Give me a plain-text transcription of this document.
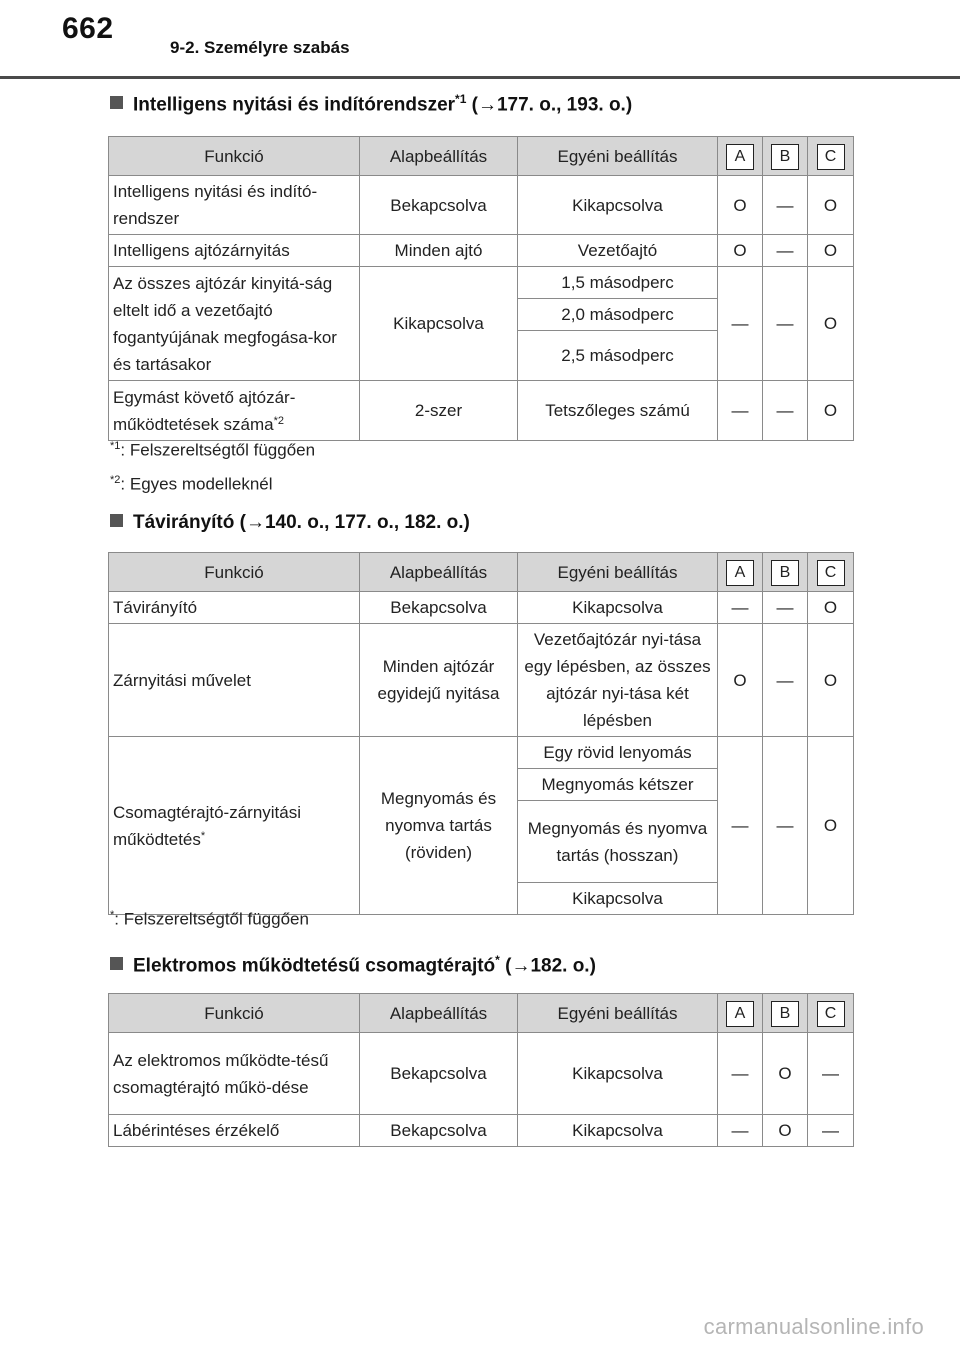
662
9-2. Személyre szabás
Intelligens nyitási és indítórendszer$^{*1}$ (→177. o., 193. o.)
Funkció	Alapbeállítás	Egyéni beállítás	A	B	C
Intelligens nyitási és indító-rendszer	Bekapcsolva	Kikapcsolva	O	—	O
Intelligens ajtózárnyitás	Minden ajtó	Vezetőajtó	O	—	O
Az összes ajtózár kinyitá-ság eltelt idő a vezetőajtó fogantyújának megfogása-kor és tartásakor	Kikapcsolva	1,5 másodperc	—	—	O
		2,0 másodperc			
		2,5 másodperc			
Egymást követő ajtózár-működtetések száma$^{*2}$	2-szer	Tetszőleges számú	—	—	O
$^{*1}$: Felszereltségtől függően
$^{*2}$: Egyes modelleknél
Távirányító (→140. o., 177. o., 182. o.)
Funkció	Alapbeállítás	Egyéni beállítás	A	B	C
Távirányító	Bekapcsolva	Kikapcsolva	—	—	O
Zárnyitási művelet	Minden ajtózár egyidejű nyitása	Vezetőajtózár nyi-tása egy lépésben, az összes ajtózár nyi-tása két lépésben	O	—	O
Csomagtérajtó-zárnyitási működtetés*	Megnyomás és nyomva tartás (röviden)	Egy rövid lenyomás	—	—	O
		Megnyomás kétszer			
		Megnyomás és nyomva tartás (hosszan)			
		Kikapcsolva			
*: Felszereltségtől függően
Elektromos működtetésű csomagtérajtó* (→182. o.)
Funkció	Alapbeállítás	Egyéni beállítás	A	B	C
Az elektromos működte-tésű csomagtérajtó műkö-dése	Bekapcsolva	Kikapcsolva	—	O	—
Lábérintéses érzékelő	Bekapcsolva	Kikapcsolva	—	O	—
carmanualsonline.info
